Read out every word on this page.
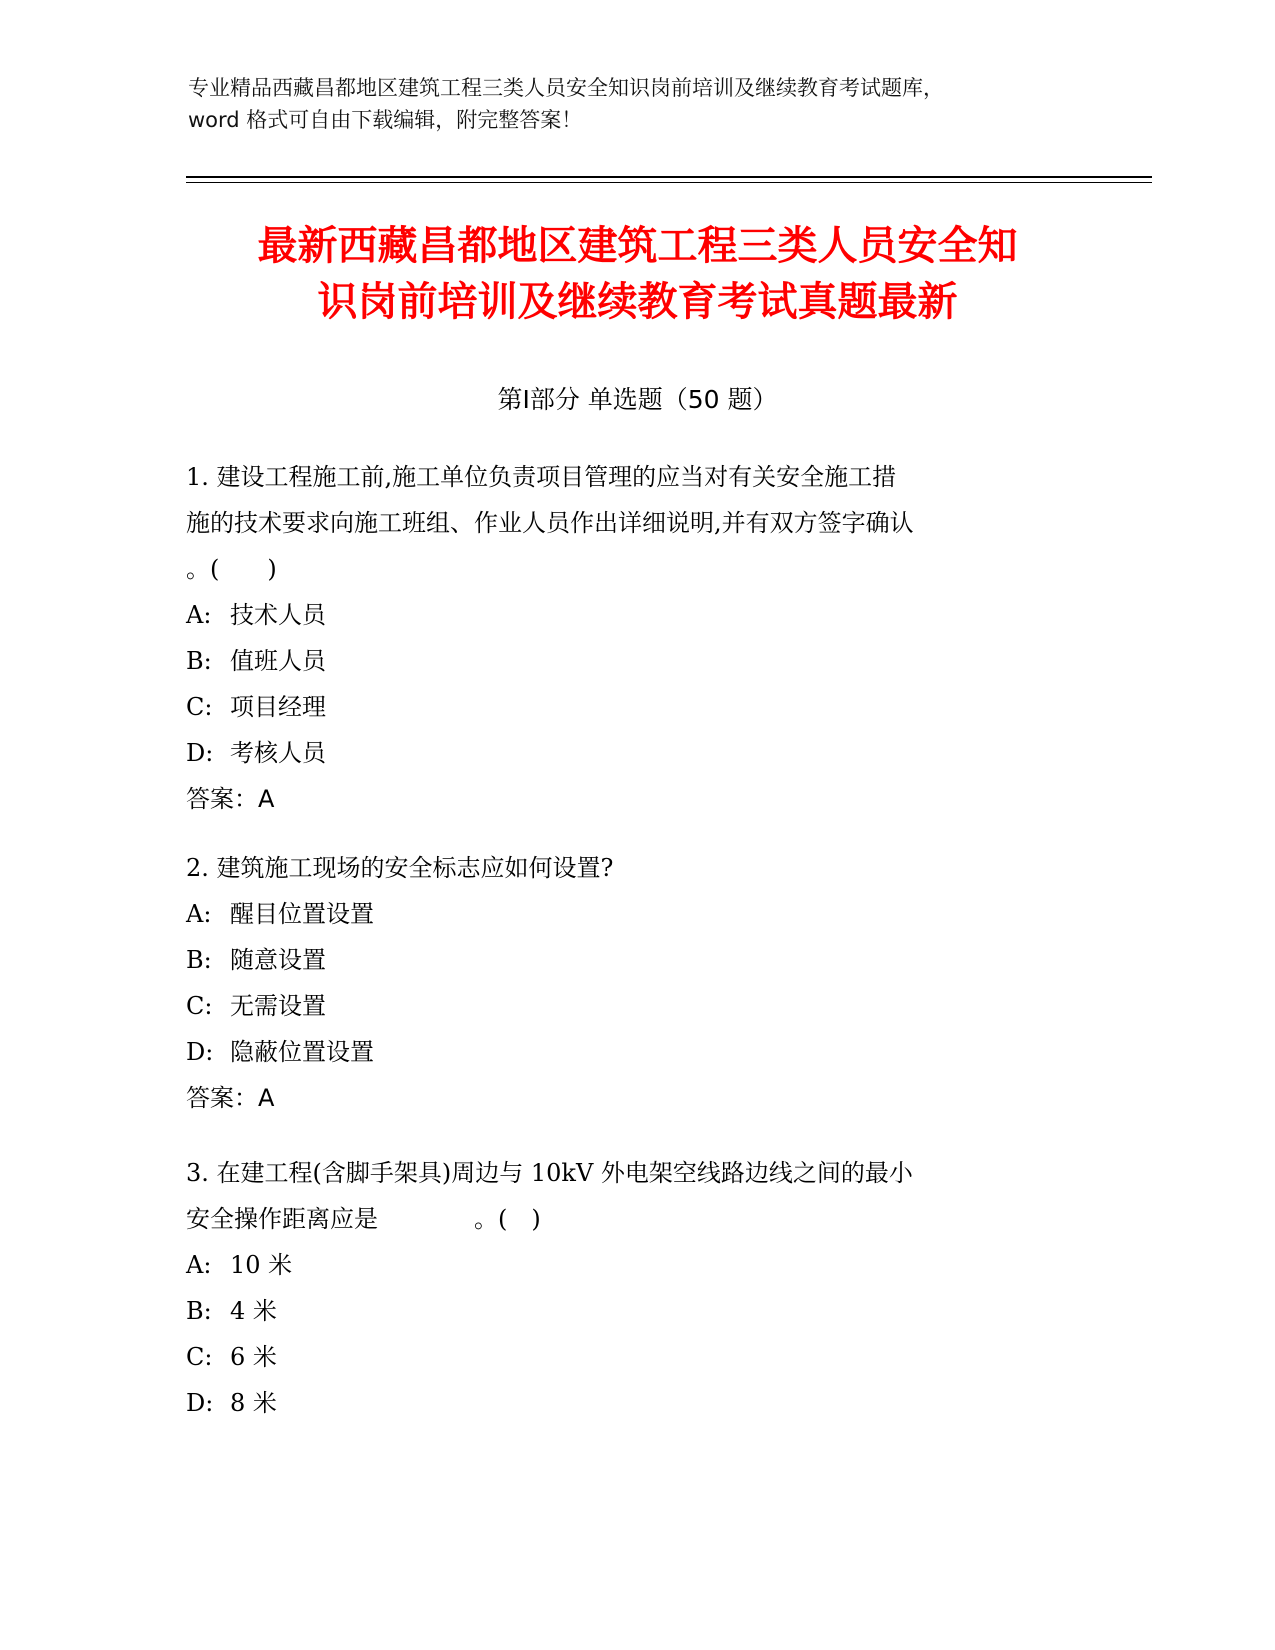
专业精品西藏昌都地区建筑工程三类人员安全知识岗前培训及继续教育考试题库，
word 格式可自由下载编辑，附完整答案！
最新西藏昌都地区建筑工程三类人员安全知
识岗前培训及继续教育考试真题最新
第Ⅰ部分 单选题（50 题）
1. 建设工程施工前,施工单位负责项目管理的应当对有关安全施工措
施的技术要求向施工班组、作业人员作出详细说明,并有双方签字确认
。(　　)
A: 技术人员
B: 值班人员
C: 项目经理
D: 考核人员
答案：A
2. 建筑施工现场的安全标志应如何设置?
A: 醒目位置设置
B: 随意设置
C: 无需设置
D: 隐蔽位置设置
答案：A
3. 在建工程(含脚手架具)周边与 10kV 外电架空线路边线之间的最小
安全操作距离应是	。(　)
A: 10 米
B: 4 米
C: 6 米
D: 8 米
